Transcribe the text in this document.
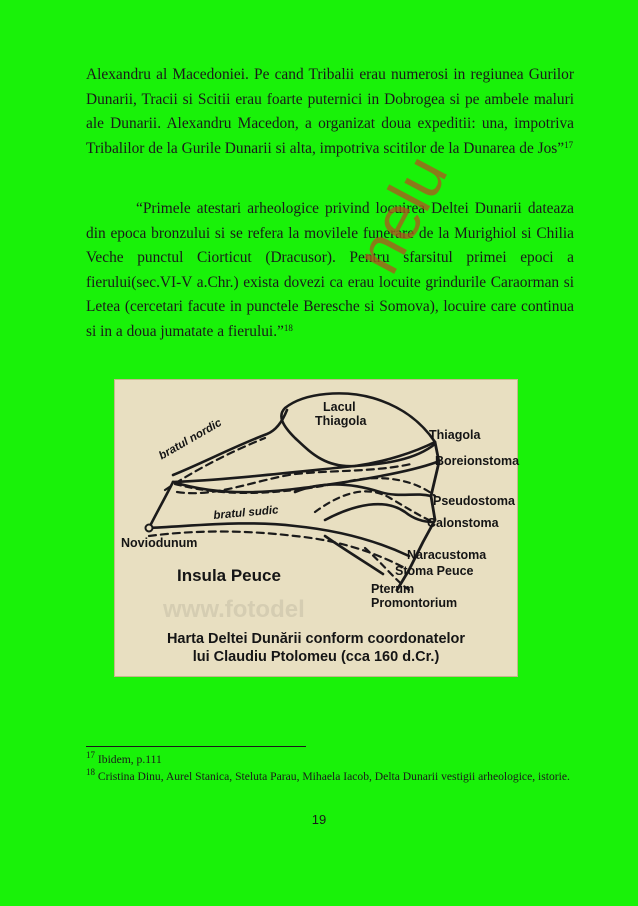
Alexandru al Macedoniei. Pe cand Tribalii erau numerosi in regiunea Gurilor Dunarii, Tracii si Scitii erau foarte puternici in Dobrogea si pe ambele maluri ale Dunarii. Alexandru Macedon, a organizat doua expeditii: una, impotriva Tribalilor de la Gurile Dunarii si alta, impotriva scitilor de la Dunarea de Jos”$^{17}$

“Primele atestari arheologice privind locuirea Deltei Dunarii dateaza din epoca bronzului si se refera la movilele funerare de la Murighiol si Chilia Veche punctul Ciorticut (Dracusor). Pentru sfarsitul primei epoci a fierului(sec.VI-V a.Chr.) exista dovezi ca erau locuite grindurile Caraorman si Letea (cercetari facute in punctele Beresche si Somova), locuire care continua si in a doua jumatate a fierului.”$^{18}$

nelu

Lacul

Thiagola

Thiagola

Boreionstoma

Pseudostoma

Calonstoma

Naracustoma

Stoma Peuce

Pterum

Promontorium

Noviodunum

bratul nordic

bratul sudic

Insula Peuce

www.fotodel

Harta Deltei Dunării conform coordonatelor
lui Claudiu Ptolomeu (cca 160 d.Cr.)

$^{17}$ Ibidem, p.111

$^{18}$ Cristina Dinu, Aurel Stanica, Steluta Parau, Mihaela Iacob, Delta Dunarii vestigii arheologice, istorie.

19
